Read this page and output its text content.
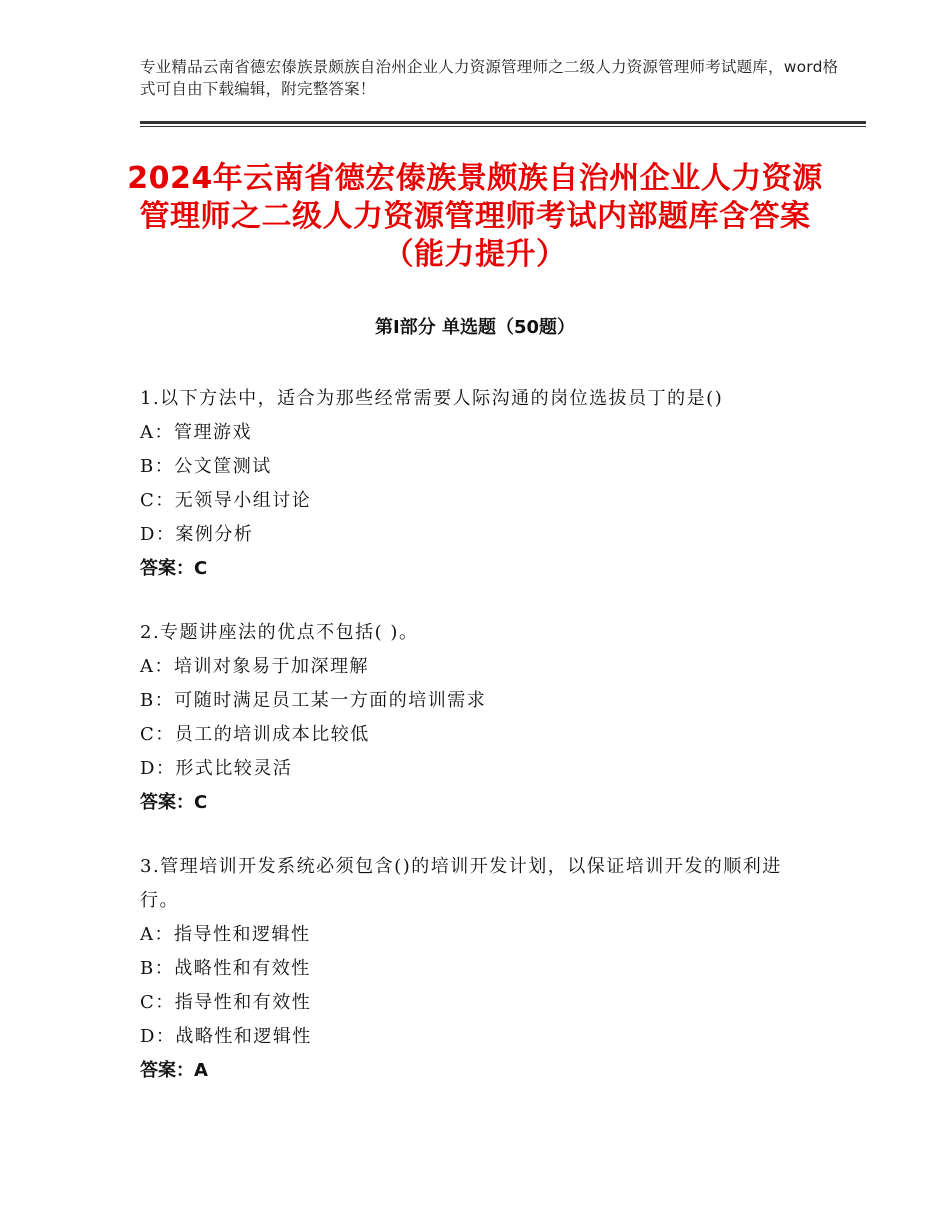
专业精品云南省德宏傣族景颇族自治州企业人力资源管理师之二级人力资源管理师考试题库，word格式可自由下载编辑，附完整答案！
2024年云南省德宏傣族景颇族自治州企业人力资源管理师之二级人力资源管理师考试内部题库含答案（能力提升）
第Ⅰ部分 单选题（50题）
1.以下方法中，适合为那些经常需要人际沟通的岗位选拔员丁的是()
A：管理游戏
B：公文筐测试
C：无领导小组讨论
D：案例分析
答案：C
2.专题讲座法的优点不包括( )。
A：培训对象易于加深理解
B：可随时满足员工某一方面的培训需求
C：员工的培训成本比较低
D：形式比较灵活
答案：C
3.管理培训开发系统必须包含()的培训开发计划，以保证培训开发的顺利进行。
A：指导性和逻辑性
B：战略性和有效性
C：指导性和有效性
D：战略性和逻辑性
答案：A
